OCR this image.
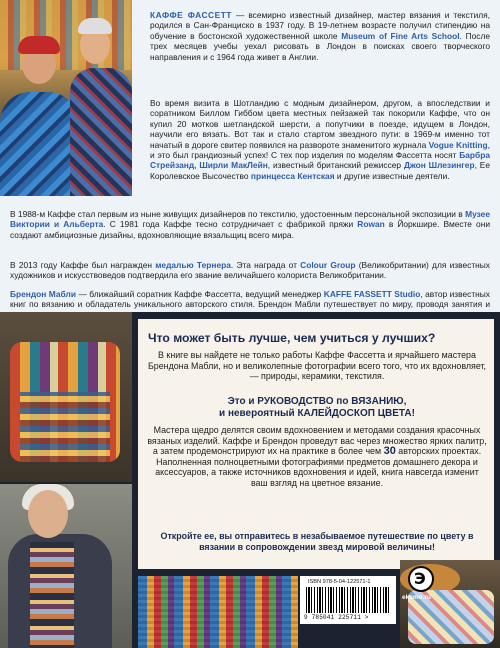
КАФФЕ ФАССЕТТ — всемирно известный дизайнер, мастер вязания и текстиля, родился в Сан-Франциско в 1937 году. В 19-летнем возрасте получил стипендию на обучение в бостонской художественной школе Museum of Fine Arts School. После трех месяцев учебы уехал рисовать в Лондон в поисках своего творческого направления и с 1964 года живет в Англии.
Во время визита в Шотландию с модным дизайнером, другом, а впоследствии и соратником Биллом Гиббом цвета местных пейзажей так покорили Каффе, что он купил 20 мотков шетландской шерсти, а попутчики в поезде, идущем в Лондон, научили его вязать. Вот так и стало стартом звездного пути: в 1969-м именно тот начатый в дороге свитер появился на развороте знаменитого журнала Vogue Knitting, и это был грандиозный успех! С тех пор изделия по моделям Фассетта носят Барбра Стрейзанд, Ширли МакЛейн, известный британский режиссер Джон Шлезингер, Ее Королевское Высочество принцесса Кентская и другие известные деятели.
В 1988-м Каффе стал первым из ныне живущих дизайнеров по текстилю, удостоенным персональной экспозиции в Музее Виктории и Альберта. С 1981 года Каффе тесно сотрудничает с фабрикой пряжи Rowan в Йоркшире. Вместе они создают амбициозные дизайны, вдохновляющие вязальщиц всего мира.
В 2013 году Каффе был награжден медалью Тернера. Эта награда от Colour Group (Великобритании) для известных художников и искусствоведов подтвердила его звание величайшего колориста Великобритании.
Брендон Мабли — ближайший соратник Каффе Фассетта, ведущий менеджер KAFFE FASSETT Studio, автор известных книг по вязанию и обладатель уникального авторского стиля. Брендон Мабли путешествует по миру, проводя занятия и
Что может быть лучше, чем учиться у лучших?
В книге вы найдете не только работы Каффе Фассетта и ярчайшего мастера Брендона Мабли, но и великолепные фотографии всего того, что их вдохновляет, — природы, керамики, текстиля.
Это и РУКОВОДСТВО по ВЯЗАНИЮ,
и невероятный КАЛЕЙДОСКОП ЦВЕТА!
Мастера щедро делятся своим вдохновением и методами создания красочных вязаных изделий. Каффе и Брендон проведут вас через множество ярких палитр, а затем продемонстрируют их на практике в более чем 30 авторских проектах. Наполненная полноцветными фотографиями предметов домашнего декора и аксессуаров, а также источников вдохновения и идей, книга навсегда изменит ваш взгляд на цветное вязание.
Откройте ее, вы отправитесь в незабываемое путешествие по цвету в вязании в сопровождении звезд мировой величины!
ISBN 978-5-04-122571-1
9 785041 225711 >
Э
eksmo.ru
